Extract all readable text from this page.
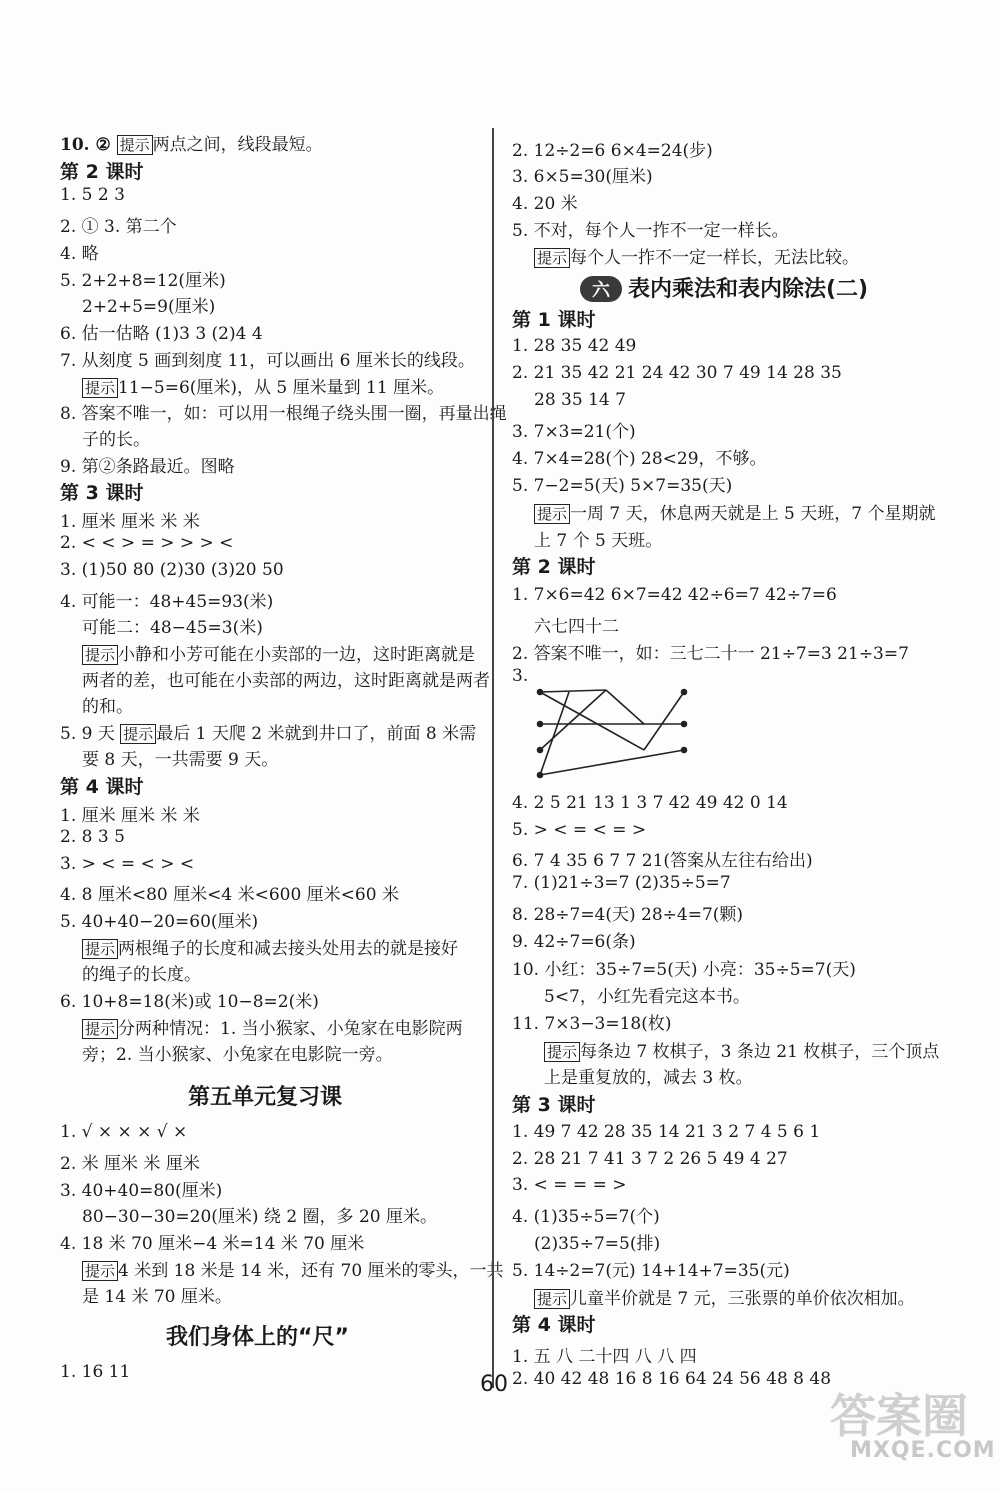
10. ② 提示 两点之间，线段最短。
第 2 课时
1. 5 2 3
2. ① 3. 第二个
4. 略
5. 2+2+8=12(厘米)
2+2+5=9(厘米)
6. 估一估略 (1)3 3 (2)4 4
7. 从刻度 5 画到刻度 11，可以画出 6 厘米长的线段。
提示 11−5=6(厘米)，从 5 厘米量到 11 厘米。
8. 答案不唯一，如：可以用一根绳子绕头围一圈，再量出绳
子的长。
9. 第②条路最近。图略
第 3 课时
1. 厘米 厘米 米 米
2. < < > = > > > <
3. (1)50 80 (2)30 (3)20 50
4. 可能一：48+45=93(米)
可能二：48−45=3(米)
提示 小静和小芳可能在小卖部的一边，这时距离就是
两者的差，也可能在小卖部的两边，这时距离就是两者
的和。
5. 9 天 提示 最后 1 天爬 2 米就到井口了，前面 8 米需
要 8 天，一共需要 9 天。
第 4 课时
1. 厘米 厘米 米 米
2. 8 3 5
3. > < = < > <
4. 8 厘米<80 厘米<4 米<600 厘米<60 米
5. 40+40−20=60(厘米)
提示 两根绳子的长度和减去接头处用去的就是接好
的绳子的长度。
6. 10+8=18(米)或 10−8=2(米)
提示 分两种情况：1. 当小猴家、小兔家在电影院两
旁；2. 当小猴家、小兔家在电影院一旁。
第五单元复习课
1. √ × × × √ ×
2. 米 厘米 米 厘米
3. 40+40=80(厘米)
80−30−30=20(厘米) 绕 2 圈，多 20 厘米。
4. 18 米 70 厘米−4 米=14 米 70 厘米
提示 4 米到 18 米是 14 米，还有 70 厘米的零头，一共
是 14 米 70 厘米。
我们身体上的“尺”
1. 16 11
2. 12÷2=6 6×4=24(步)
3. 6×5=30(厘米)
4. 20 米
5. 不对，每个人一拃不一定一样长。
提示 每个人一拃不一定一样长，无法比较。
六 表内乘法和表内除法(二)
第 1 课时
1. 28 35 42 49
2. 21 35 42 21 24 42 30 7 49 14 28 35
28 35 14 7
3. 7×3=21(个)
4. 7×4=28(个) 28<29，不够。
5. 7−2=5(天) 5×7=35(天)
提示 一周 7 天，休息两天就是上 5 天班，7 个星期就
上 7 个 5 天班。
第 2 课时
1. 7×6=42 6×7=42 42÷6=7 42÷7=6
六七四十二
2. 答案不唯一，如：三七二十一 21÷7=3 21÷3=7
3.
4. 2 5 21 13 1 3 7 42 49 42 0 14
5. > < = < = >
6. 7 4 35 6 7 7 21(答案从左往右给出)
7. (1)21÷3=7 (2)35÷5=7
8. 28÷7=4(天) 28÷4=7(颗)
9. 42÷7=6(条)
10. 小红：35÷7=5(天) 小亮：35÷5=7(天)
5<7，小红先看完这本书。
11. 7×3−3=18(枚)
提示 每条边 7 枚棋子，3 条边 21 枚棋子，三个顶点
上是重复放的，减去 3 枚。
第 3 课时
1. 49 7 42 28 35 14 21 3 2 7 4 5 6 1
2. 28 21 7 41 3 7 2 26 5 49 4 27
3. < = = = >
4. (1)35÷5=7(个)
(2)35÷7=5(排)
5. 14÷2=7(元) 14+14+7=35(元)
提示 儿童半价就是 7 元，三张票的单价依次相加。
第 4 课时
1. 五 八 二十四 八 八 四
2. 40 42 48 16 8 16 64 24 56 48 8 48
60
答案圈
MXQE.COM
